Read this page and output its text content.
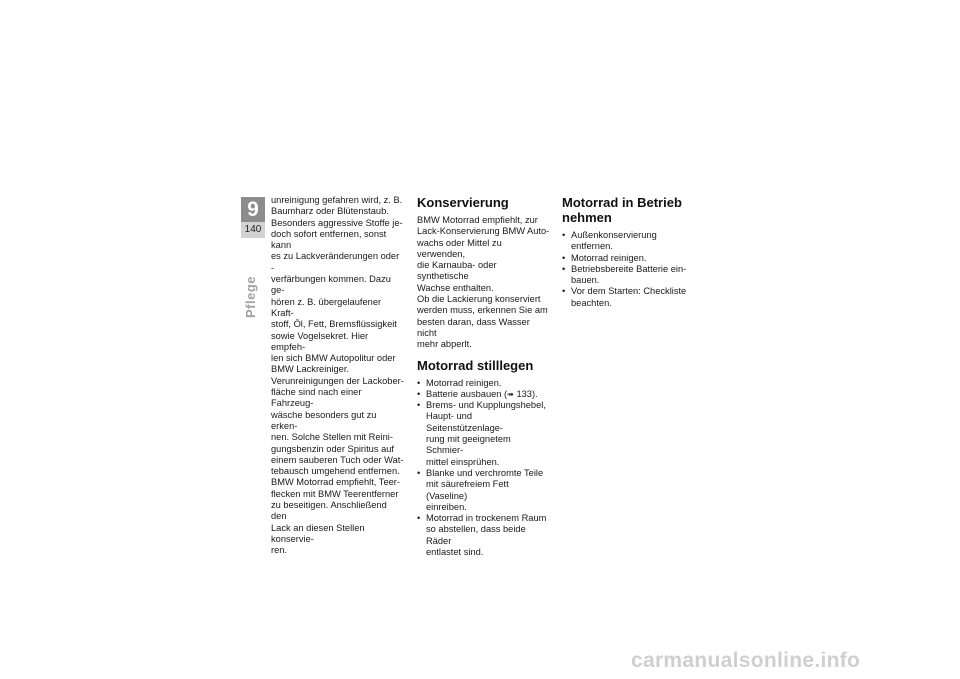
9
140
Pflege

unreinigung gefahren wird, z. B.
Baumharz oder Blütenstaub.
Besonders aggressive Stoffe je-
doch sofort entfernen, sonst kann
es zu Lackveränderungen oder -
verfärbungen kommen. Dazu ge-
hören z. B. übergelaufener Kraft-
stoff, Öl, Fett, Bremsflüssigkeit
sowie Vogelsekret. Hier empfeh-
len sich BMW Autopolitur oder
BMW Lackreiniger.
Verunreinigungen der Lackober-
fläche sind nach einer Fahrzeug-
wäsche besonders gut zu erken-
nen. Solche Stellen mit Reini-
gungsbenzin oder Spiritus auf
einem sauberen Tuch oder Wat-
tebausch umgehend entfernen.
BMW Motorrad empfiehlt, Teer-
flecken mit BMW Teerentferner
zu beseitigen. Anschließend den
Lack an diesen Stellen konservie-
ren.

Konservierung

BMW Motorrad empfiehlt, zur
Lack-Konservierung BMW Auto-
wachs oder Mittel zu verwenden,
die Karnauba- oder synthetische
Wachse enthalten.
Ob die Lackierung konserviert
werden muss, erkennen Sie am
besten daran, dass Wasser nicht
mehr abperlt.

Motorrad stilllegen
• Motorrad reinigen.
• Batterie ausbauen (➠ 133).
• Brems- und Kupplungshebel,
Haupt- und Seitenstützenlage-
rung mit geeignetem Schmier-
mittel einsprühen.
• Blanke und verchromte Teile
mit säurefreiem Fett (Vaseline)
einreiben.
• Motorrad in trockenem Raum
so abstellen, dass beide Räder
entlastet sind.
Motorrad in Betrieb
nehmen
• Außenkonservierung entfernen.
• Motorrad reinigen.
• Betriebsbereite Batterie ein-
bauen.
• Vor dem Starten: Checkliste
beachten.
carmanualsonline.info
